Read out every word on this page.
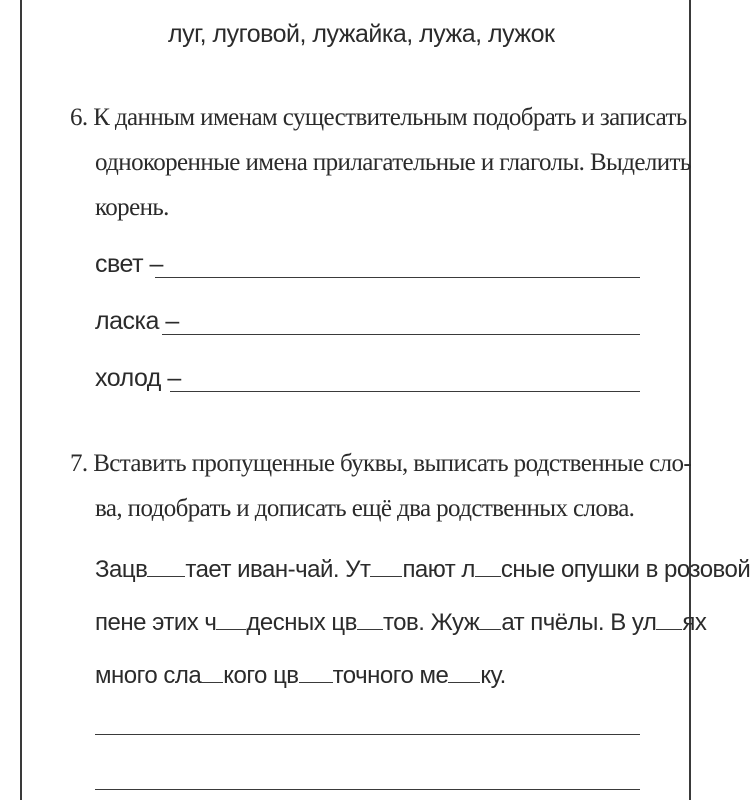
луг, луговой, лужайка, лужа, лужок
6. К данным именам существительным подобрать и записать
однокоренные имена прилагательные и глаголы. Выделить
корень.
свет –
ласка –
холод –
7. Вставить пропущенные буквы, выписать родственные сло-
ва, подобрать и дописать ещё два родственных слова.
Зацв тает иван-чай. Ут пают л сные опушки в розовой
пене этих ч десных цв тов. Жуж ат пчёлы. В ул ях
много сла кого цв точного ме ку.
